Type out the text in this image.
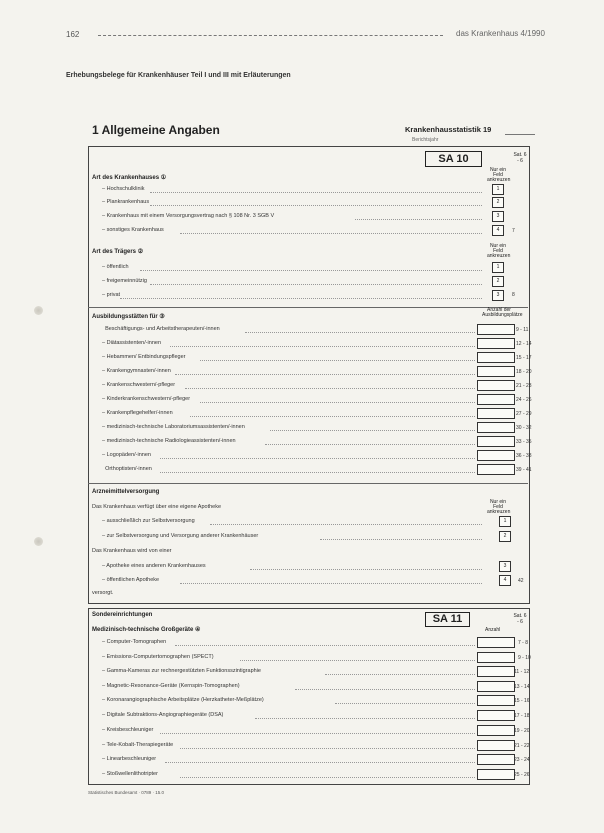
162	das Krankenhaus 4/1990
Erhebungsbelege für Krankenhäuser Teil I und III mit Erläuterungen
1 Allgemeine Angaben	Krankenhausstatistik 19
Berichtsjahr
SA 10	Sat. 6 - 6
Art des Krankenhauses ①
Nur ein Feld ankreuzen
– Hochschulklinik	1
– Plankrankenhaus	2
– Krankenhaus mit einem Versorgungsvertrag nach § 108 Nr. 3 SGB V	3
– sonstiges Krankenhaus	4	7
Art des Trägers ②
Nur ein Feld ankreuzen
– öffentlich	1
– freigemeinnützig	2
– privat	3	8
Ausbildungsstätten für ③
Anzahl der Ausbildungsplätze
Beschäftigungs- und Arbeitstherapeuten/-innen	9 - 11
– Diätassistenten/-innen	12 - 14
– Hebammen/ Entbindungspfleger	15 - 17
– Krankengymnasten/-innen	18 - 20
– Krankenschwestern/-pfleger	21 - 23
– Kinderkrankenschwestern/-pfleger	24 - 26
– Krankenpflegehelfer/-innen	27 - 29
– medizinisch-technische Laboratoriumsassistenten/-innen	30 - 32
– medizinisch-technische Radiologieassistenten/-innen	33 - 35
– Logopäden/-innen	36 - 38
Orthoptisten/-innen	39 - 41
Arzneimittelversorgung
Nur ein Feld ankreuzen
Das Krankenhaus verfügt über eine eigene Apotheke
– ausschließlich zur Selbstversorgung	1
– zur Selbstversorgung und Versorgung anderer Krankenhäuser	2
Das Krankenhaus wird von einer
– Apotheke eines anderen Krankenhauses	3
– öffentlichen Apotheke	4	42
versorgt.
SA 11	Sat. 6 - 6
Sondereinrichtungen
Medizinisch-technische Großgeräte ④	Anzahl
– Computer-Tomographen	7 - 8
– Emissions-Computertomographen (SPECT)	9 - 10
– Gamma-Kameras zur rechnergestützten Funktionsszintigraphie	11 - 12
– Magnetic-Resonance-Geräte (Kernspin-Tomographen)	13 - 14
– Koronarangiographische Arbeitsplätze (Herzkatheter-Meßplätze)	15 - 16
– Digitale Subtraktions-Angiographiegeräte (DSA)	17 - 18
– Kreisbeschleuniger	19 - 20
– Tele-Kobalt-Therapiegeräte	21 - 22
– Linearbeschleuniger	23 - 24
– Stoßwellenlithotripter	25 - 26
Statistisches Bundesamt · 0789 · 15.0
